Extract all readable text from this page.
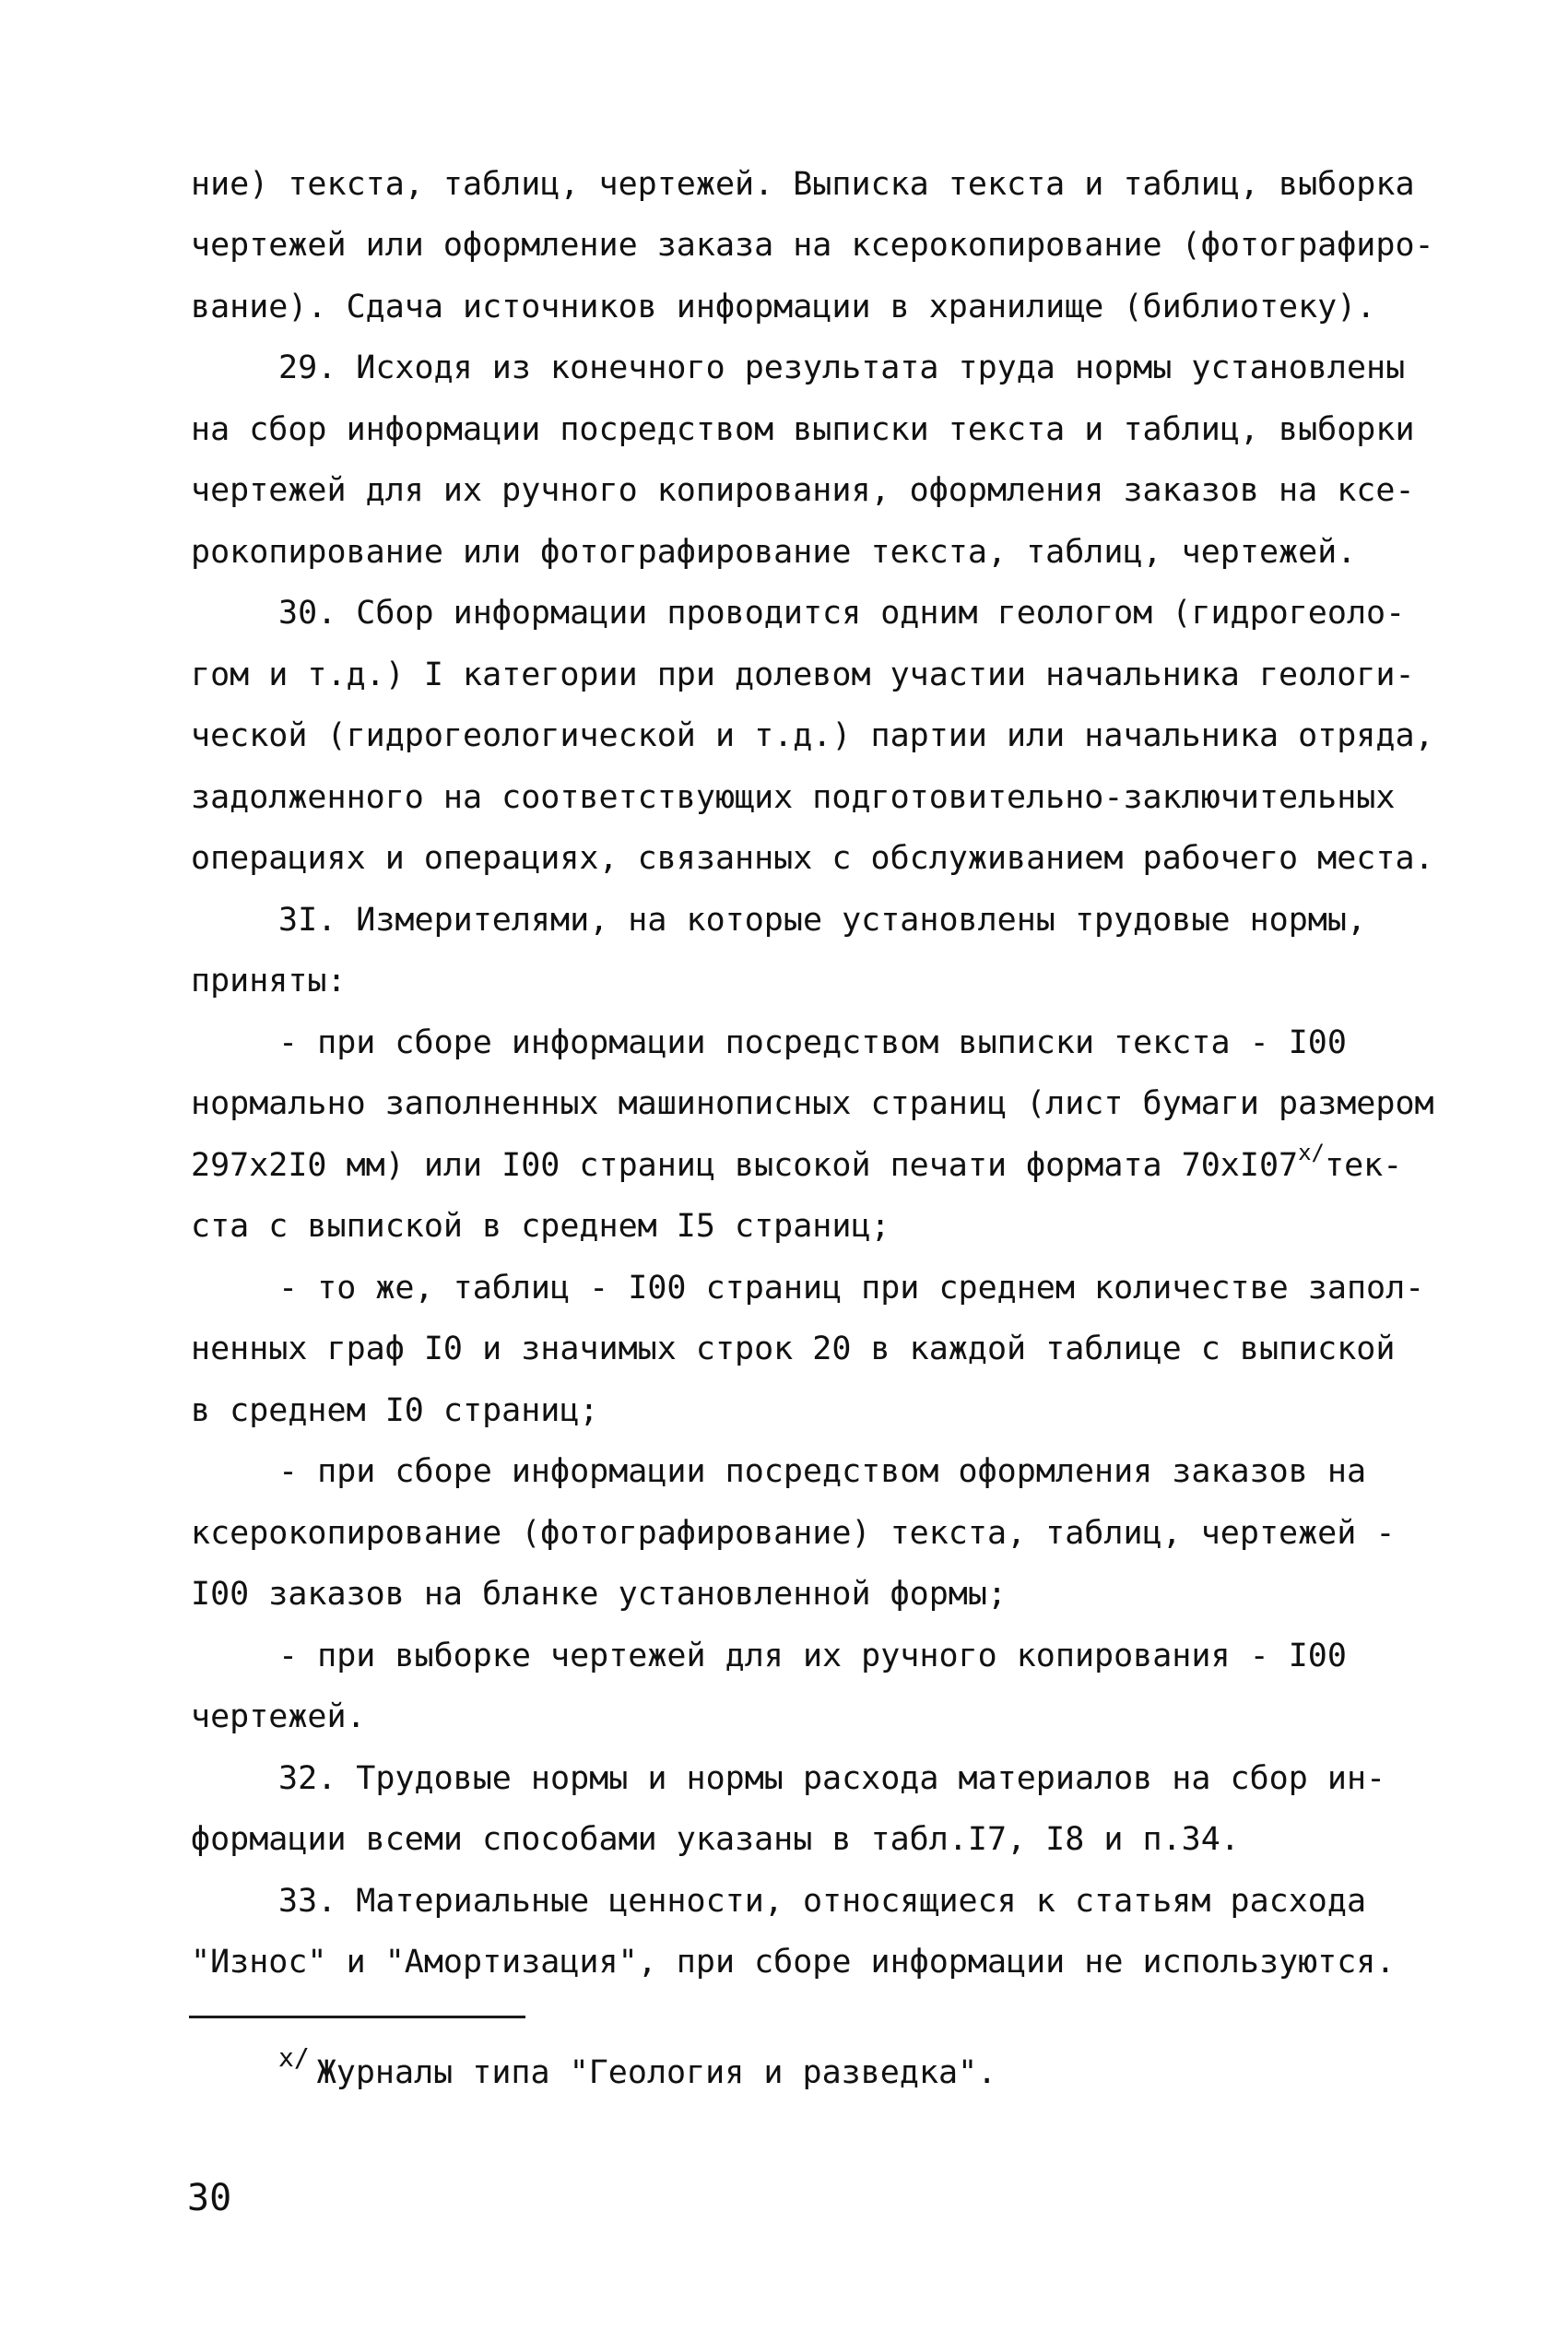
ние) текста, таблиц, чертежей. Выписка текста и таблиц, выборка
чертежей или оформление заказа на ксерокопирование (фотографиро-
вание). Сдача источников информации в хранилище (библиотеку).
29. Исходя из конечного результата труда нормы установлены
на сбор информации посредством выписки текста и таблиц, выборки
чертежей для их ручного копирования, оформления заказов на ксе-
рокопирование или фотографирование текста, таблиц, чертежей.
30. Сбор информации проводится одним геологом (гидрогеоло-
гом и т.д.) I категории при долевом участии начальника геологи-
ческой (гидрогеологической и т.д.) партии или начальника отряда,
задолженного на соответствующих подготовительно-заключительных
операциях и операциях, связанных с обслуживанием рабочего места.
3I. Измерителями, на которые установлены трудовые нормы,
приняты:
- при сборе информации посредством выписки текста - I00
нормально заполненных машинописных страниц (лист бумаги размером
297x2I0 мм) или I00 страниц высокой печати формата $70xI07^{x/}тек-$
ста с выпиской в среднем I5 страниц;
- то же, таблиц - I00 страниц при среднем количестве запол-
ненных граф I0 и значимых строк 20 в каждой таблице с выпиской
в среднем I0 страниц;
- при сборе информации посредством оформления заказов на
ксерокопирование (фотографирование) текста, таблиц, чертежей -
I00 заказов на бланке установленной формы;
- при выборке чертежей для их ручного копирования - I00
чертежей.
32. Трудовые нормы и нормы расхода материалов на сбор ин-
формации всеми способами указаны в табл.I7, I8 и п.34.
33. Материальные ценности, относящиеся к статьям расхода
"Износ" и "Амортизация", при сборе информации не используются.
$^{x/}$ Журналы типа "Геология и разведка".
30
